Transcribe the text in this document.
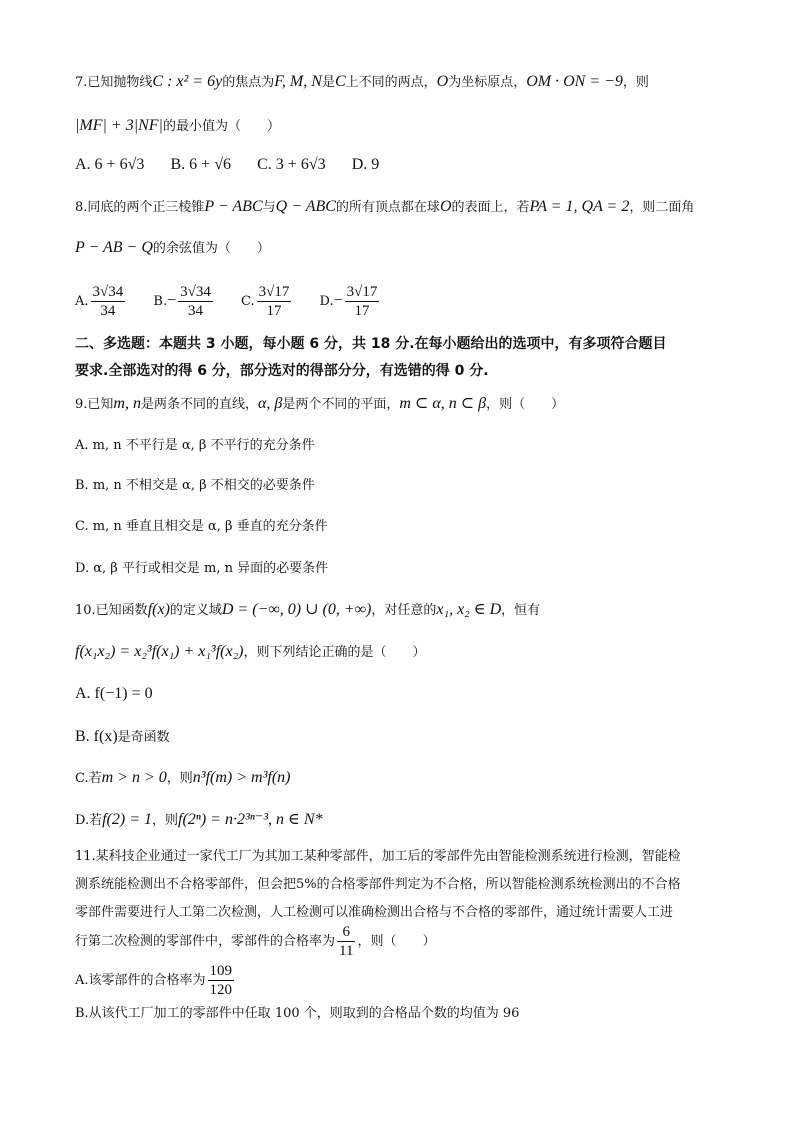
7.已知抛物线C : x² = 6y的焦点为F, M, N是C上不同的两点，O为坐标原点，OM · ON = −9，则
|MF| + 3|NF|的最小值为（　　）
A. 6 + 6√3 B. 6 + √6 C. 3 + 6√3 D. 9
8.同底的两个正三棱锥P − ABC与Q − ABC的所有顶点都在球O的表面上，若PA = 1, QA = 2，则二面角
P − AB − Q的余弦值为（　　）
A. $\frac{3√34}{34} B.- \frac{3√34}{34} C$. $\frac{3√17}{17} D.- \frac{3√17}{17}$
二、多选题：本题共 3 小题，每小题 6 分，共 18 分.在每小题给出的选项中，有多项符合题目
要求.全部选对的得 6 分，部分选对的得部分分，有选错的得 0 分.
9.已知m, n是两条不同的直线，α, β是两个不同的平面，m ⊂ α, n ⊂ β，则（　　）
A. m, n 不平行是 α, β 不平行的充分条件
B. m, n 不相交是 α, β 不相交的必要条件
C. m, n 垂直且相交是 α, β 垂直的充分条件
D. α, β 平行或相交是 m, n 异面的必要条件
10.已知函数f(x)的定义域D = (−∞, 0) ∪ (0, +∞)，对任意的x₁, x₂ ∈ D，恒有
f(x₁x₂) = x₂³f(x₁) + x₁³f(x₂)，则下列结论正确的是（　　）
A. f(−1) = 0
B. f(x)是奇函数
C.若m > n > 0，则n³f(m) > m³f(n)
D.若f(2) = 1，则f(2ⁿ) = n·2³ⁿ⁻³, n ∈ N*
11.某科技企业通过一家代工厂为其加工某种零部件，加工后的零部件先由智能检测系统进行检测，智能检
测系统能检测出不合格零部件，但会把5%的合格零部件判定为不合格，所以智能检测系统检测出的不合格
零部件需要进行人工第二次检测，人工检测可以准确检测出合格与不合格的零部件，通过统计需要人工进
行第二次检测的零部件中，零部件的合格率为 $\frac{6}{11}$ ，则（　　）
A.该零部件的合格率为 $\frac{109}{120}$
B.从该代工厂加工的零部件中任取 100 个，则取到的合格品个数的均值为 96
